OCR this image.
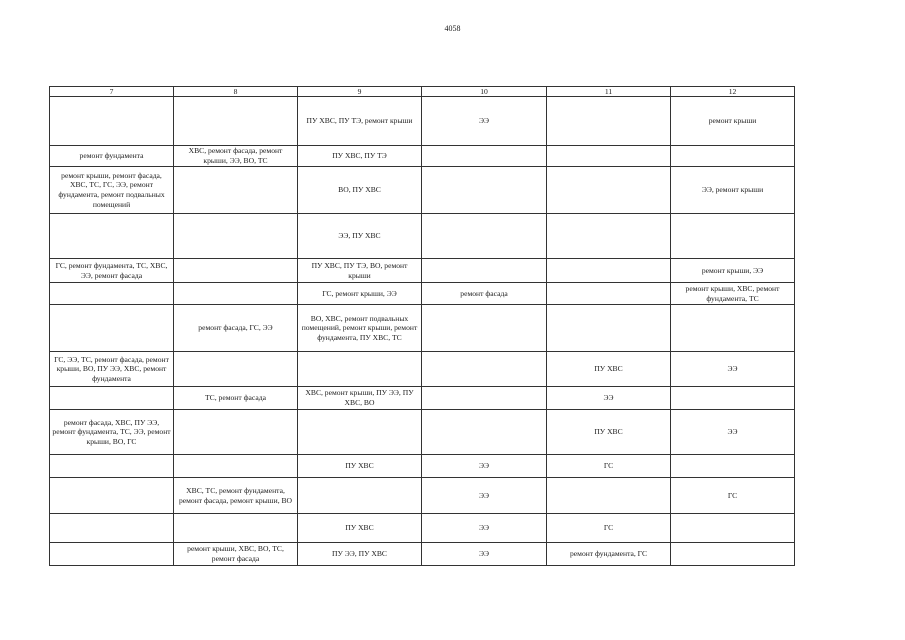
4058
7	8	9	10	11	12
		ПУ ХВС, ПУ ТЭ, ремонт крыши	ЭЭ		ремонт крыши
ремонт фундамента	ХВС, ремонт фасада, ремонт крыши, ЭЭ, ВО, ТС	ПУ ХВС, ПУ ТЭ			
ремонт крыши, ремонт фасада, ХВС, ТС, ГС, ЭЭ, ремонт фундамента, ремонт подвальных помещений		ВО, ПУ ХВС			ЭЭ, ремонт крыши
		ЭЭ, ПУ ХВС			
ГС, ремонт фундамента, ТС, ХВС, ЭЭ, ремонт фасада		ПУ ХВС, ПУ ТЭ, ВО, ремонт крыши			ремонт крыши, ЭЭ
		ГС, ремонт крыши, ЭЭ	ремонт фасада		ремонт крыши, ХВС, ремонт фундамента, ТС
	ремонт фасада, ГС, ЭЭ	ВО, ХВС, ремонт подвальных помещений, ремонт крыши, ремонт фундамента, ПУ ХВС, ТС			
ГС, ЭЭ, ТС, ремонт фасада, ремонт крыши, ВО, ПУ ЭЭ, ХВС, ремонт фундамента				ПУ ХВС	ЭЭ
	ТС, ремонт фасада	ХВС, ремонт крыши, ПУ ЭЭ, ПУ ХВС, ВО		ЭЭ	
ремонт фасада, ХВС, ПУ ЭЭ, ремонт фундамента, ТС, ЭЭ, ремонт крыши, ВО, ГС				ПУ ХВС	ЭЭ
		ПУ ХВС	ЭЭ	ГС	
	ХВС, ТС, ремонт фундамента, ремонт фасада, ремонт крыши, ВО		ЭЭ		ГС
		ПУ ХВС	ЭЭ	ГС	
	ремонт крыши, ХВС, ВО, ТС, ремонт фасада	ПУ ЭЭ, ПУ ХВС	ЭЭ	ремонт фундамента, ГС	
